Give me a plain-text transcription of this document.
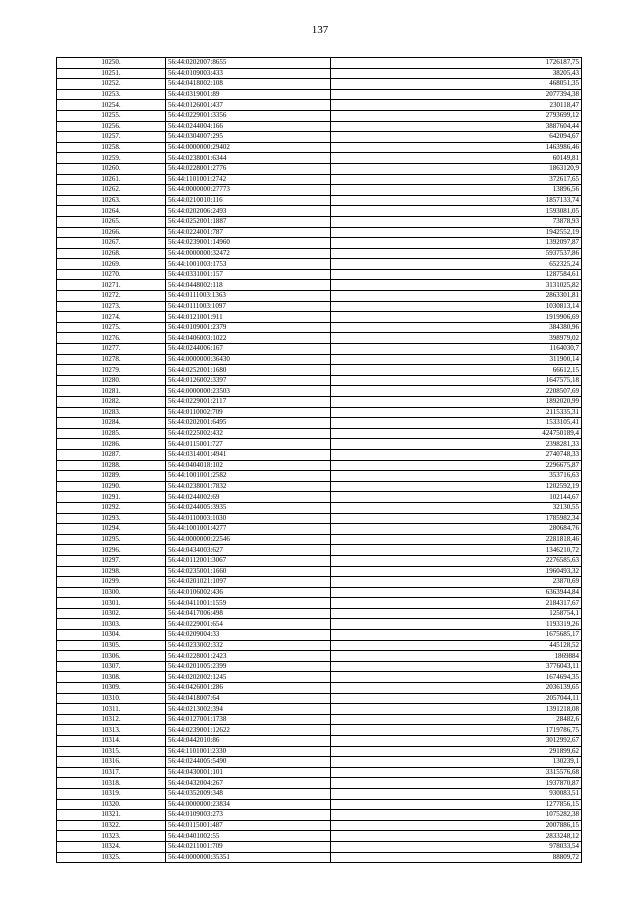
137
10250.	56:44:0202007:8655	1726187,75
10251.	56:44:0109003:433	38205,43
10252.	56:44:0418002:108	468051,35
10253.	56:44:0319001:89	2077394,38
10254.	56:44:0126001:437	230118,47
10255.	56:44:0229001:3356	2793699,12
10256.	56:44:0244004:166	3887604,44
10257.	56:44:0304007:295	642094,67
10258.	56:44:0000000:29402	1463986,46
10259.	56:44:0238001:6344	60149,81
10260.	56:44:0228001:2776	1863120,9
10261.	56:44:1101001:2742	372617,65
10262.	56:44:0000000:27773	13896,56
10263.	56:44:0210010:116	1857133,74
10264.	56:44:0202006:2493	1593081,05
10265.	56:44:0252001:1887	73878,93
10266.	56:44:0224001:787	1942552,19
10267.	56:44:0239001:14960	1392097,87
10268.	56:44:0000000:32472	5937537,86
10269.	56:44:1001003:1753	652325,24
10270.	56:44:0331001:157	1287584,61
10271.	56:44:0448002:118	3131025,82
10272.	56:44:0111003:1363	2863301,81
10273.	56:44:0111003:1097	1030813,14
10274.	56:44:0121001:911	1919906,69
10275.	56:44:0109001:2379	384380,96
10276.	56:44:0406003:1022	398979,02
10277.	56:44:0244006:167	1164030,7
10278.	56:44:0000000:36430	311900,14
10279.	56:44:0252001:1680	66612,15
10280.	56:44:0126002:3397	1647575,18
10281.	56:44:0000000:23503	2208507,69
10282.	56:44:0229001:2117	1892020,99
10283.	56:44:0110002:709	2115335,31
10284.	56:44:0202001:6495	1533105,41
10285.	56:44:0225002:432	424750189,4
10286.	56:44:0115001:727	2398281,33
10287.	56:44:0314001:4941	2740748,33
10288.	56:44:0404018:102	2296675,87
10289.	56:44:1001001:2582	353716,63
10290.	56:44:0238001:7832	1202592,19
10291.	56:44:0244002:69	102144,67
10292.	56:44:0244005:3935	32130,55
10293.	56:44:0110003:1030	1785982,34
10294.	56:44:1001001:4277	280684,76
10295.	56:44:0000000:22546	2281818,46
10296.	56:44:0434003:627	1346210,72
10297.	56:44:0112001:3067	2276585,63
10298.	56:44:0235001:1660	1960493,32
10299.	56:44:0201021:1097	23870,69
10300.	56:44:0106002:436	6363944,84
10301.	56:44:0411001:1559	2184317,67
10302.	56:44:0417006:498	1258754,1
10303.	56:44:0229001:654	1193319,26
10304.	56:44:0209004:33	1675685,17
10305.	56:44:0233002:332	445128,52
10306.	56:44:0228001:2423	1869884
10307.	56:44:0201005:2399	3776043,11
10308.	56:44:0202002:1245	1674694,35
10309.	56:44:0426001:286	2036139,65
10310.	56:44:0418007:64	2057044,11
10311.	56:44:0213002:394	1391218,08
10312.	56:44:0127001:1738	28482,6
10313.	56:44:0239001:12622	1719786,75
10314.	56:44:0442010:86	3012992,67
10315.	56:44:1101001:2330	291899,62
10316.	56:44:0244005:5490	130239,1
10317.	56:44:0430001:101	3315576,68
10318.	56:44:0432004:267	1937870,87
10319.	56:44:0352009:348	930083,51
10320.	56:44:0000000:23834	1277856,15
10321.	56:44:0109003:273	1075282,38
10322.	56:44:0115001:487	2007886,15
10323.	56:44:0401002:55	2833248,12
10324.	56:44:0211001:709	978033,54
10325.	56:44:0000000:35351	88809,72
